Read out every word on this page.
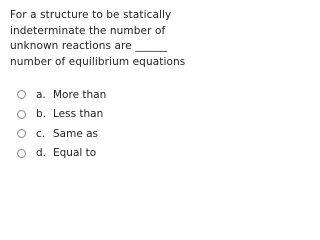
For a structure to be statically
indeterminate the number of
unknown reactions are ______
number of equilibrium equations
a. More than
b. Less than
c. Same as
d. Equal to
